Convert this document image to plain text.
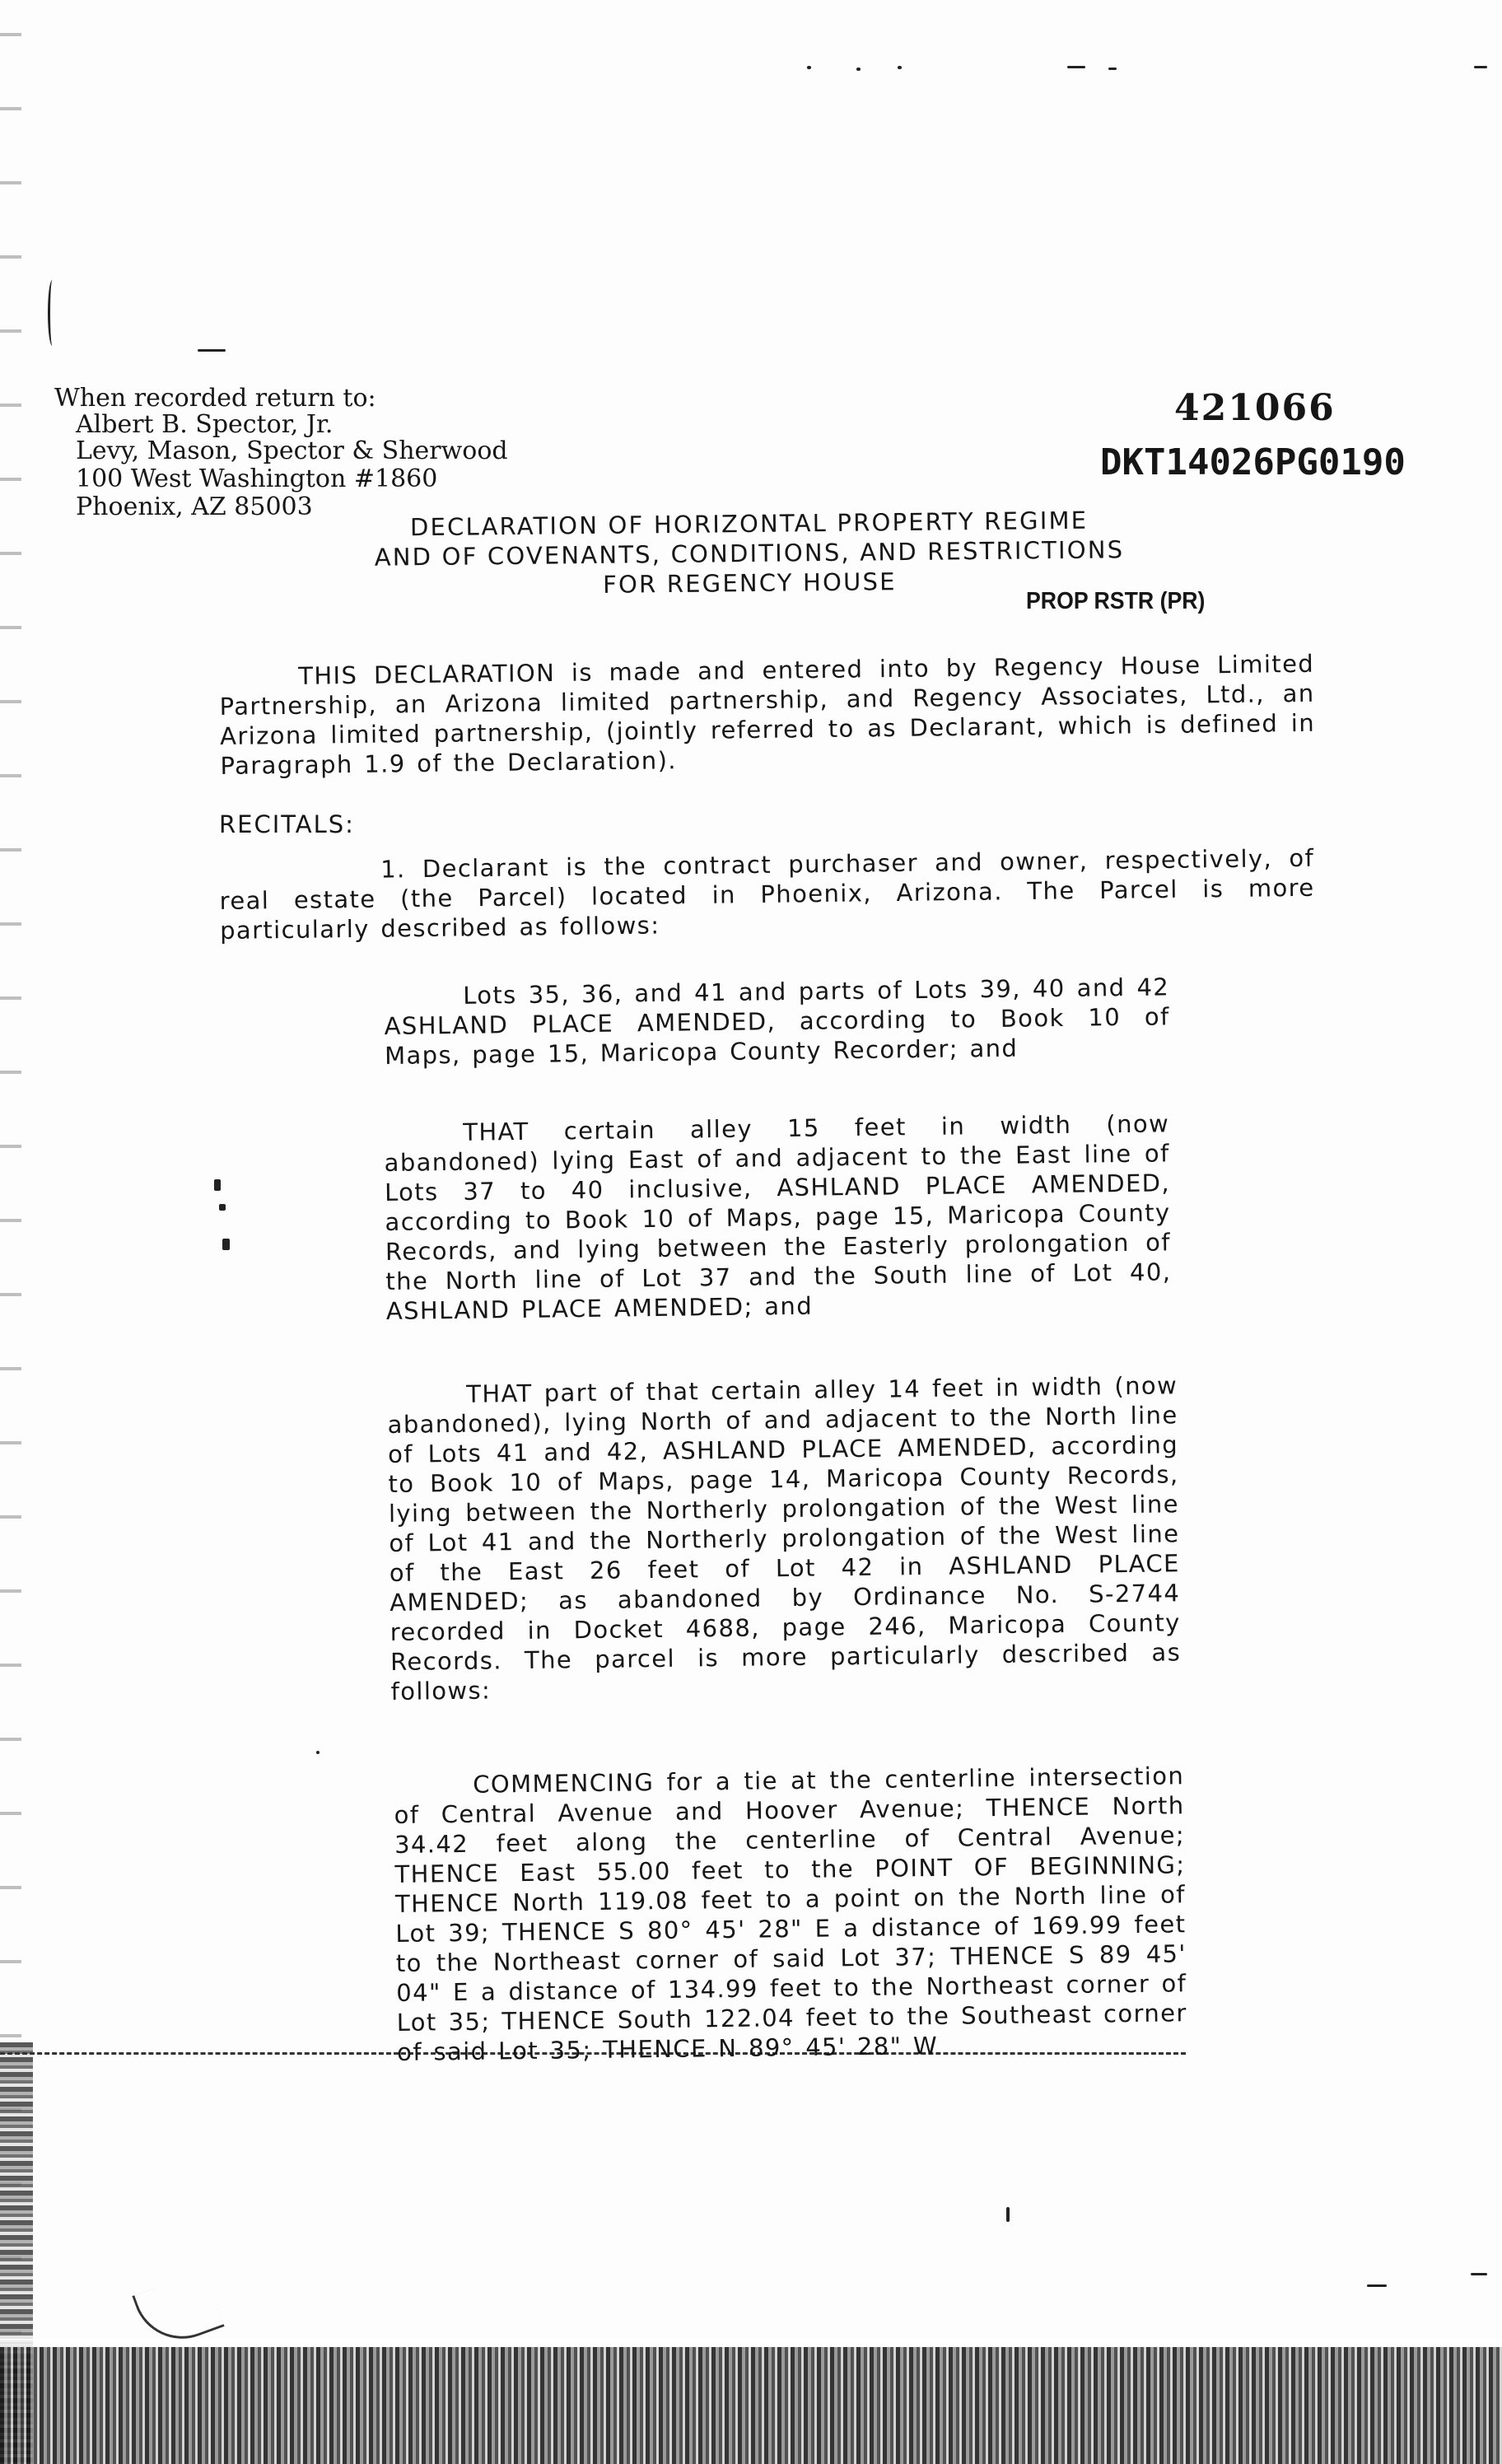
When recorded return to:
Albert B. Spector, Jr.
Levy, Mason, Spector & Sherwood
100 West Washington #1860
Phoenix, AZ 85003
421066
DKT14026PG0190
PROP RSTR (PR)
DECLARATION OF HORIZONTAL PROPERTY REGIME
AND OF COVENANTS, CONDITIONS, AND RESTRICTIONS
FOR REGENCY HOUSE
THIS DECLARATION is made and entered into by Regency House Limited Partnership, an Arizona limited partnership, and Regency Associates, Ltd., an Arizona limited partnership, (jointly referred to as Declarant, which is defined in Paragraph 1.9 of the Declaration).
RECITALS:
1. Declarant is the contract purchaser and owner, respectively, of real estate (the Parcel) located in Phoenix, Arizona. The Parcel is more particularly described as follows:
Lots 35, 36, and 41 and parts of Lots 39, 40 and 42 ASHLAND PLACE AMENDED, according to Book 10 of Maps, page 15, Maricopa County Recorder; and
THAT certain alley 15 feet in width (now abandoned) lying East of and adjacent to the East line of Lots 37 to 40 inclusive, ASHLAND PLACE AMENDED, according to Book 10 of Maps, page 15, Maricopa County Records, and lying between the Easterly prolongation of the North line of Lot 37 and the South line of Lot 40, ASHLAND PLACE AMENDED; and
THAT part of that certain alley 14 feet in width (now abandoned), lying North of and adjacent to the North line of Lots 41 and 42, ASHLAND PLACE AMENDED, according to Book 10 of Maps, page 14, Maricopa County Records, lying between the Northerly prolongation of the West line of Lot 41 and the Northerly prolongation of the West line of the East 26 feet of Lot 42 in ASHLAND PLACE AMENDED; as abandoned by Ordinance No. S-2744 recorded in Docket 4688, page 246, Maricopa County Records. The parcel is more particularly described as follows:
COMMENCING for a tie at the centerline intersection of Central Avenue and Hoover Avenue; THENCE North 34.42 feet along the centerline of Central Avenue; THENCE East 55.00 feet to the POINT OF BEGINNING; THENCE North 119.08 feet to a point on the North line of Lot 39; THENCE S 80° 45' 28" E a distance of 169.99 feet to the Northeast corner of said Lot 37; THENCE S 89 45' 04" E a distance of 134.99 feet to the Northeast corner of Lot 35; THENCE South 122.04 feet to the Southeast corner of said Lot 35; THENCE N 89° 45' 28" W
